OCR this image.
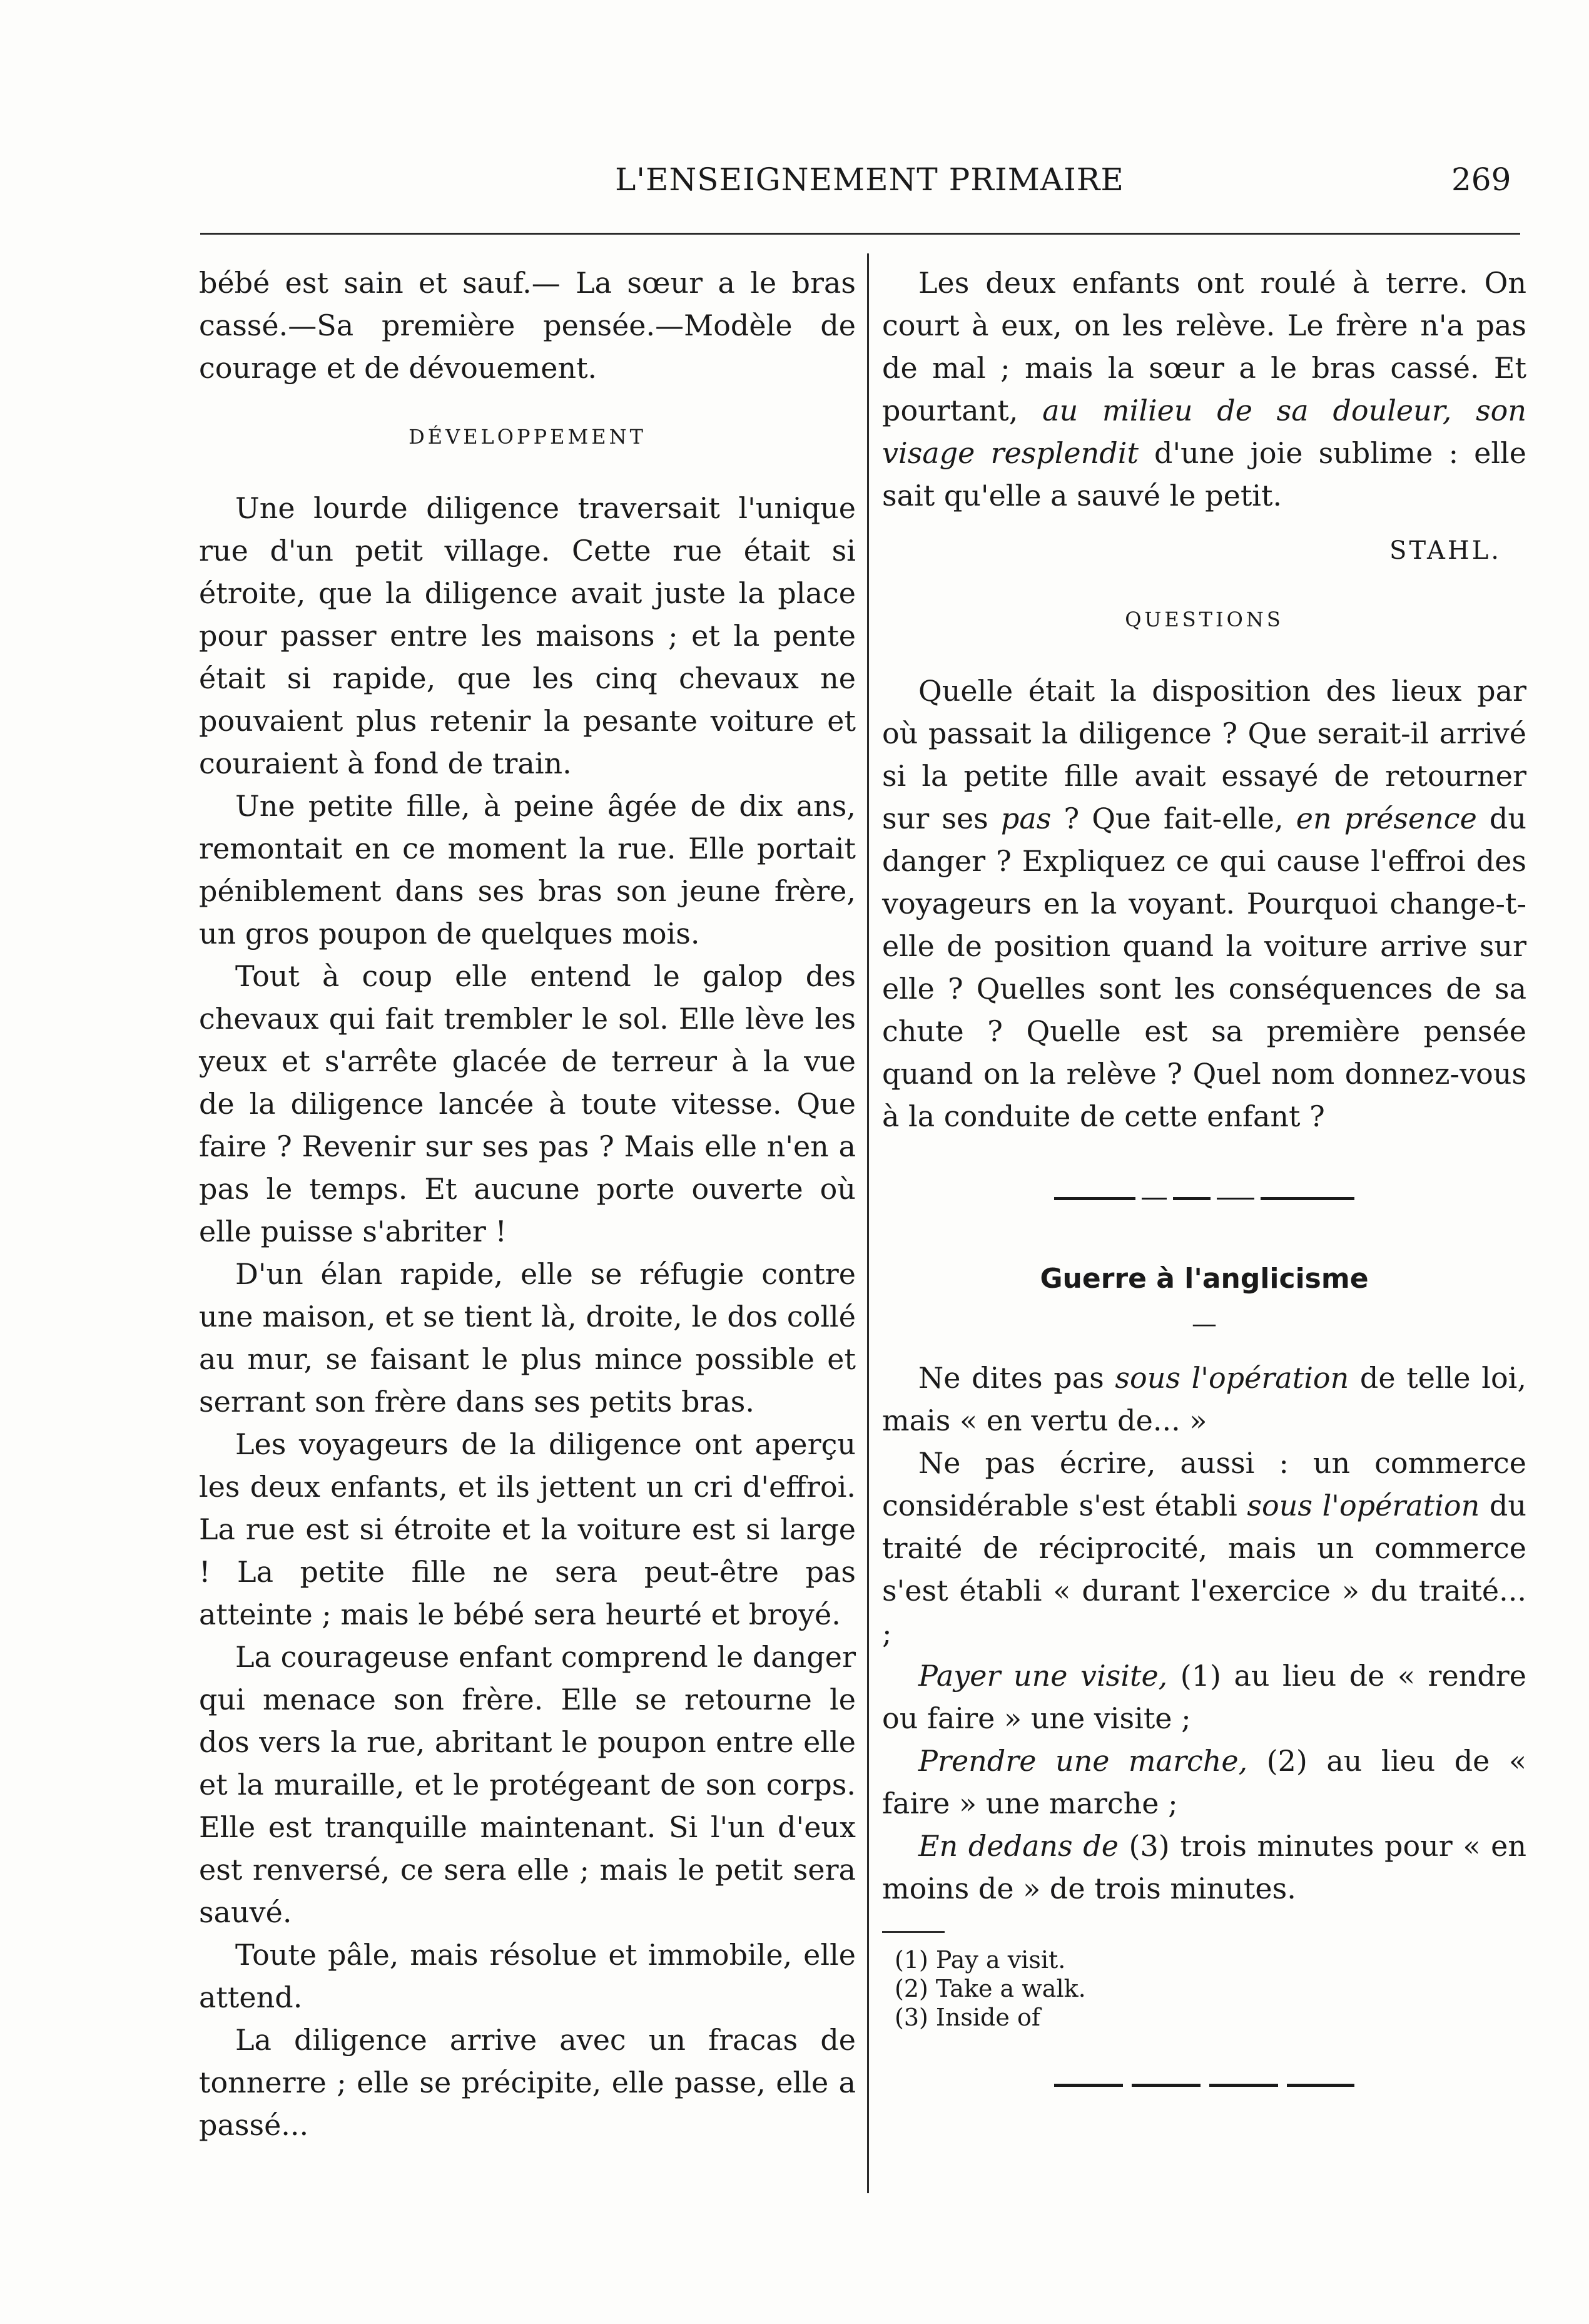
L'ENSEIGNEMENT PRIMAIRE	269

bébé est sain et sauf.— La sœur a le bras cassé.—Sa première pensée.—Modèle de courage et de dévouement.

DÉVELOPPEMENT

Une lourde diligence traversait l'unique rue d'un petit village. Cette rue était si étroite, que la diligence avait juste la place pour passer entre les maisons ; et la pente était si rapide, que les cinq chevaux ne pouvaient plus retenir la pesante voiture et couraient à fond de train.

Une petite fille, à peine âgée de dix ans, remontait en ce moment la rue. Elle portait péniblement dans ses bras son jeune frère, un gros poupon de quelques mois.

Tout à coup elle entend le galop des chevaux qui fait trembler le sol. Elle lève les yeux et s'arrête glacée de terreur à la vue de la diligence lancée à toute vitesse. Que faire ? Revenir sur ses pas ? Mais elle n'en a pas le temps. Et aucune porte ouverte où elle puisse s'abriter !

D'un élan rapide, elle se réfugie contre une maison, et se tient là, droite, le dos collé au mur, se faisant le plus mince possible et serrant son frère dans ses petits bras.

Les voyageurs de la diligence ont aperçu les deux enfants, et ils jettent un cri d'effroi. La rue est si étroite et la voiture est si large ! La petite fille ne sera peut-être pas atteinte ; mais le bébé sera heurté et broyé.

La courageuse enfant comprend le danger qui menace son frère. Elle se retourne le dos vers la rue, abritant le poupon entre elle et la muraille, et le protégeant de son corps. Elle est tranquille maintenant. Si l'un d'eux est renversé, ce sera elle ; mais le petit sera sauvé.

Toute pâle, mais résolue et immobile, elle attend.

La diligence arrive avec un fracas de tonnerre ; elle se précipite, elle passe, elle a passé...

Les deux enfants ont roulé à terre. On court à eux, on les relève. Le frère n'a pas de mal ; mais la sœur a le bras cassé. Et pourtant, au milieu de sa douleur, son visage resplendit d'une joie sublime : elle sait qu'elle a sauvé le petit.

STAHL.
QUESTIONS

Quelle était la disposition des lieux par où passait la diligence ? Que serait-il arrivé si la petite fille avait essayé de retourner sur ses pas ? Que fait-elle, en présence du danger ? Expliquez ce qui cause l'effroi des voyageurs en la voyant. Pourquoi change-t-elle de position quand la voiture arrive sur elle ? Quelles sont les conséquences de sa chute ? Quelle est sa première pensée quand on la relève ? Quel nom donnez-vous à la conduite de cette enfant ?

Guerre à l'anglicisme
—

Ne dites pas sous l'opération de telle loi, mais « en vertu de... »

Ne pas écrire, aussi : un commerce considérable s'est établi sous l'opération du traité de réciprocité, mais un commerce s'est établi « durant l'exercice » du traité... ;

Payer une visite, (1) au lieu de « rendre ou faire » une visite ;

Prendre une marche, (2) au lieu de « faire » une marche ;

En dedans de (3) trois minutes pour « en moins de » de trois minutes.

(1) Pay a visit.
(2) Take a walk.
(3) Inside of
